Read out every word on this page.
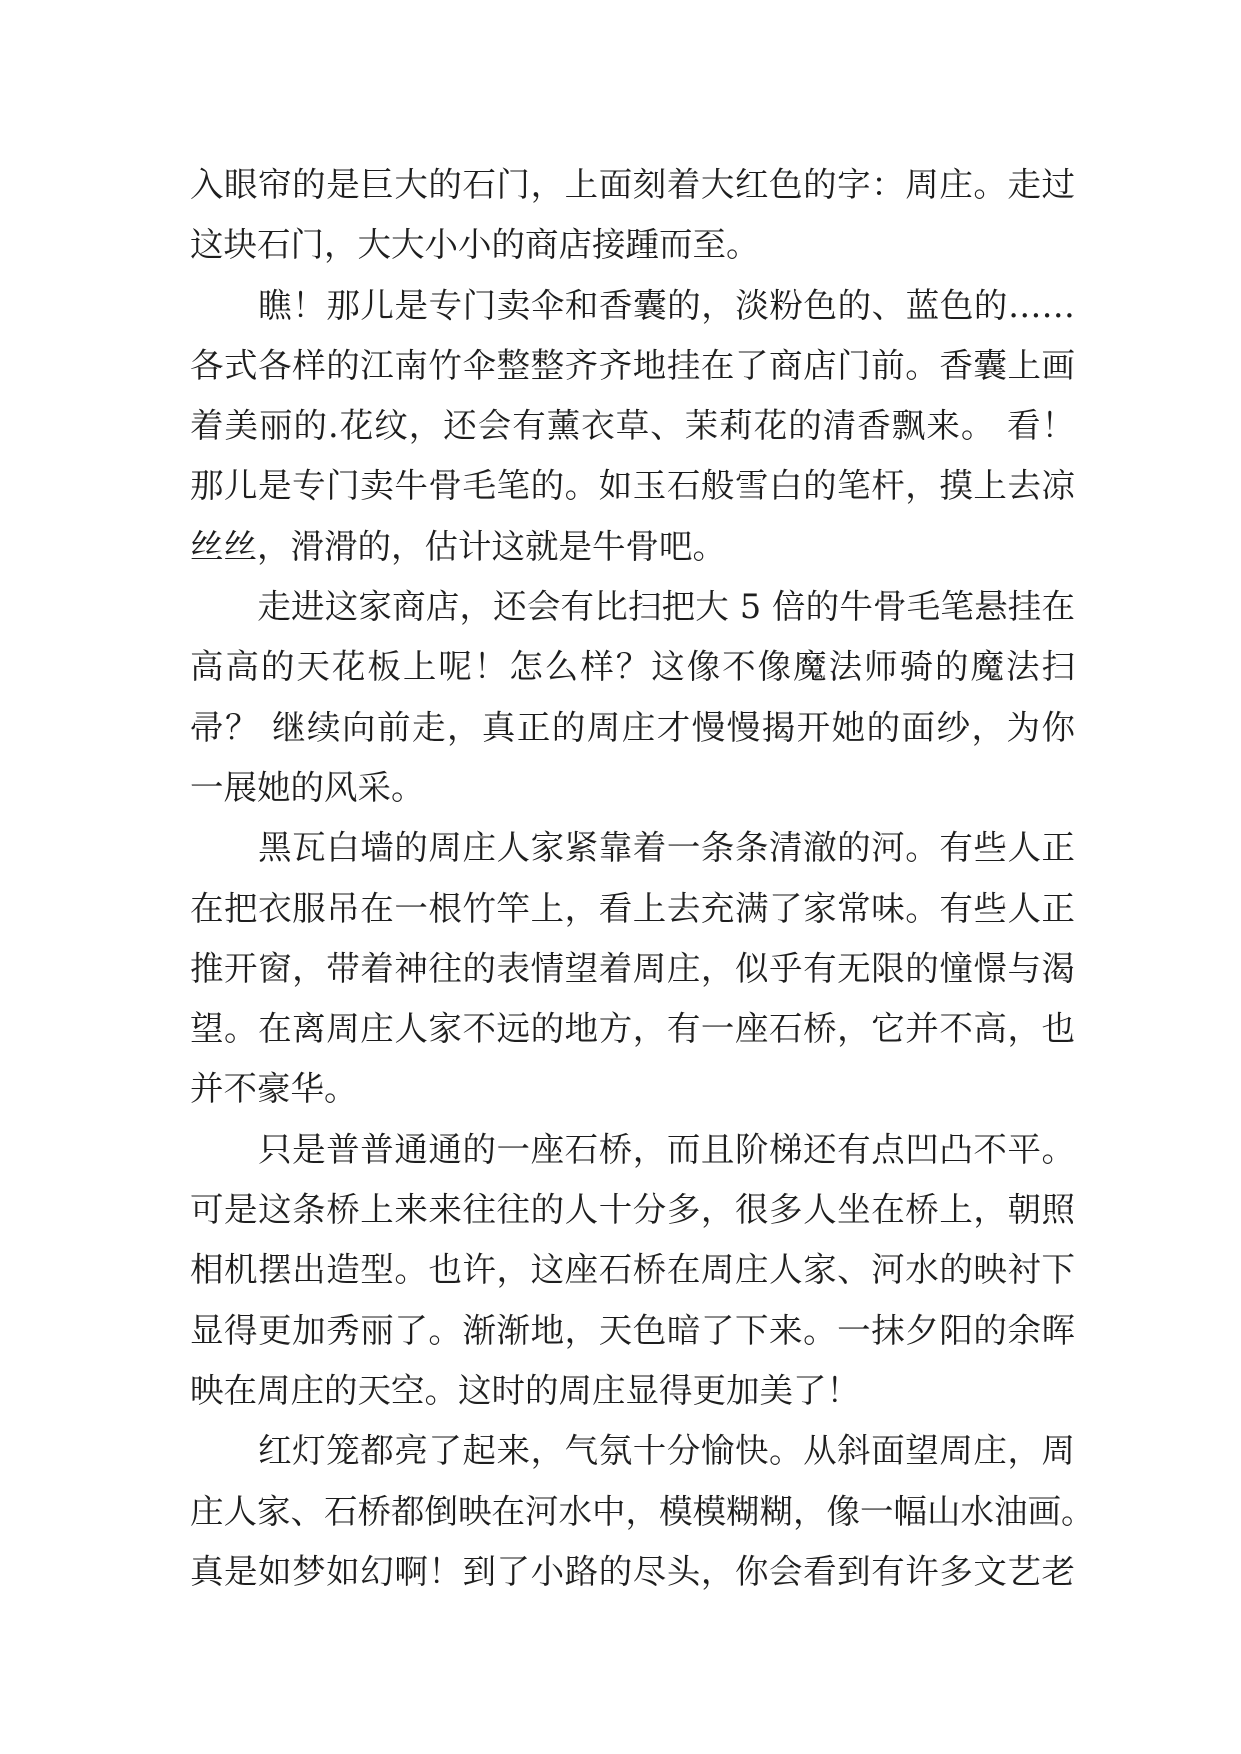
入眼帘的是巨大的石门，上面刻着大红色的字：周庄。走过
这块石门，大大小小的商店接踵而至。
　　瞧！那儿是专门卖伞和香囊的，淡粉色的、蓝色的……
各式各样的江南竹伞整整齐齐地挂在了商店门前。香囊上画
着美丽的.花纹，还会有薰衣草、茉莉花的清香飘来。 看！
那儿是专门卖牛骨毛笔的。如玉石般雪白的笔杆，摸上去凉
丝丝，滑滑的，估计这就是牛骨吧。
　　走进这家商店，还会有比扫把大 5 倍的牛骨毛笔悬挂在
高高的天花板上呢！怎么样？这像不像魔法师骑的魔法扫
帚？ 继续向前走，真正的周庄才慢慢揭开她的面纱，为你
一展她的风采。
　　黑瓦白墙的周庄人家紧靠着一条条清澈的河。有些人正
在把衣服吊在一根竹竿上，看上去充满了家常味。有些人正
推开窗，带着神往的表情望着周庄，似乎有无限的憧憬与渴
望。在离周庄人家不远的地方，有一座石桥，它并不高，也
并不豪华。
　　只是普普通通的一座石桥，而且阶梯还有点凹凸不平。
可是这条桥上来来往往的人十分多，很多人坐在桥上，朝照
相机摆出造型。也许，这座石桥在周庄人家、河水的映衬下
显得更加秀丽了。渐渐地，天色暗了下来。一抹夕阳的余晖
映在周庄的天空。这时的周庄显得更加美了！
　　红灯笼都亮了起来，气氛十分愉快。从斜面望周庄，周
庄人家、石桥都倒映在河水中，模模糊糊，像一幅山水油画。
真是如梦如幻啊！到了小路的尽头，你会看到有许多文艺老
